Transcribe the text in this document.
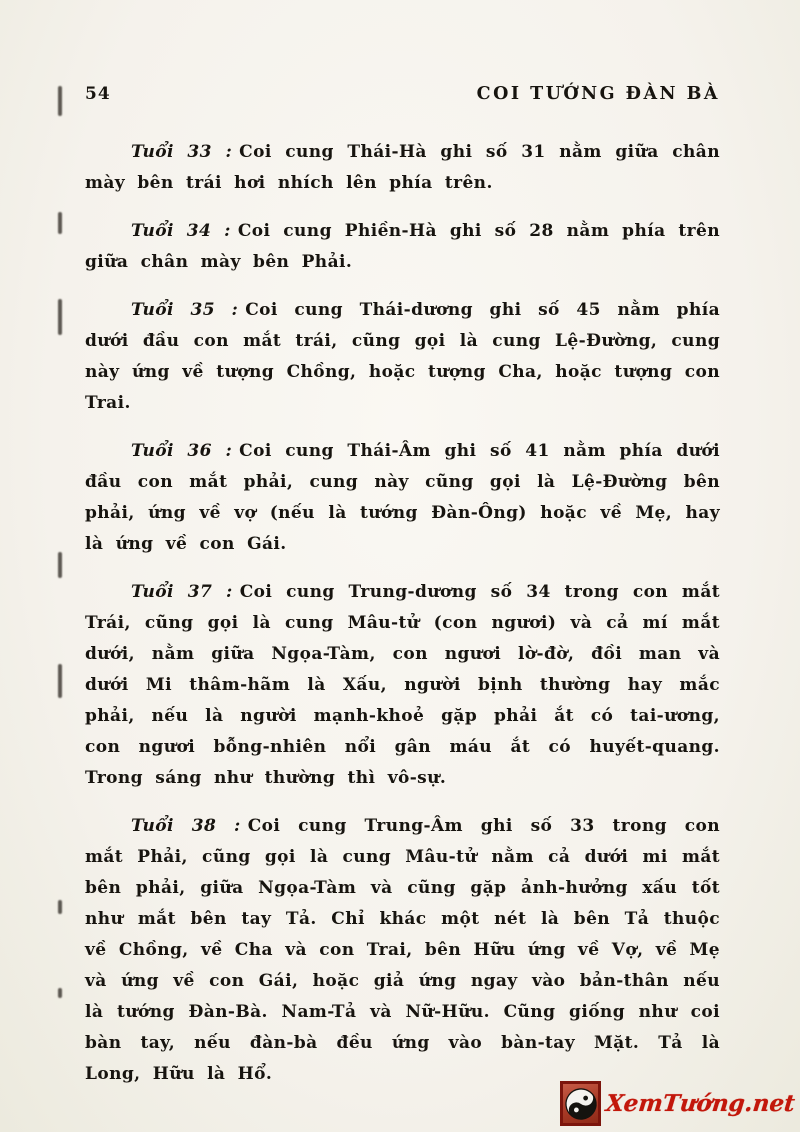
54	COI TƯỚNG ĐÀN BÀ

Tuổi 33 : Coi cung Thái-Hà ghi số 31 nằm giữa chân mày bên trái hơi nhích lên phía trên.

Tuổi 34 : Coi cung Phiền-Hà ghi số 28 nằm phía trên giữa chân mày bên Phải.

Tuổi 35 : Coi cung Thái-dương ghi số 45 nằm phía dưới đầu con mắt trái, cũng gọi là cung Lệ-Đường, cung này ứng về tượng Chồng, hoặc tượng Cha, hoặc tượng con Trai.

Tuổi 36 : Coi cung Thái-Âm ghi số 41 nằm phía dưới đầu con mắt phải, cung này cũng gọi là Lệ-Đường bên phải, ứng về vợ (nếu là tướng Đàn-Ông) hoặc về Mẹ, hay là ứng về con Gái.

Tuổi 37 : Coi cung Trung-dương số 34 trong con mắt Trái, cũng gọi là cung Mâu-tử (con ngươi) và cả mí mắt dưới, nằm giữa Ngọa-Tàm, con ngươi lờ-đờ, đồi man và dưới Mi thâm-hãm là Xấu, người bịnh thường hay mắc phải, nếu là người mạnh-khoẻ gặp phải ắt có tai-ương, con ngươi bỗng-nhiên nổi gân máu ắt có huyết-quang. Trong sáng như thường thì vô-sự.

Tuổi 38 : Coi cung Trung-Âm ghi số 33 trong con mắt Phải, cũng gọi là cung Mâu-tử nằm cả dưới mi mắt bên phải, giữa Ngọa-Tàm và cũng gặp ảnh-hưởng xấu tốt như mắt bên tay Tả. Chỉ khác một nét là bên Tả thuộc về Chồng, về Cha và con Trai, bên Hữu ứng về Vợ, về Mẹ và ứng về con Gái, hoặc giả ứng ngay vào bản-thân nếu là tướng Đàn-Bà. Nam-Tả và Nữ-Hữu. Cũng giống như coi bàn tay, nếu đàn-bà đều ứng vào bàn-tay Mặt. Tả là Long, Hữu là Hổ.

XemTướng.net
